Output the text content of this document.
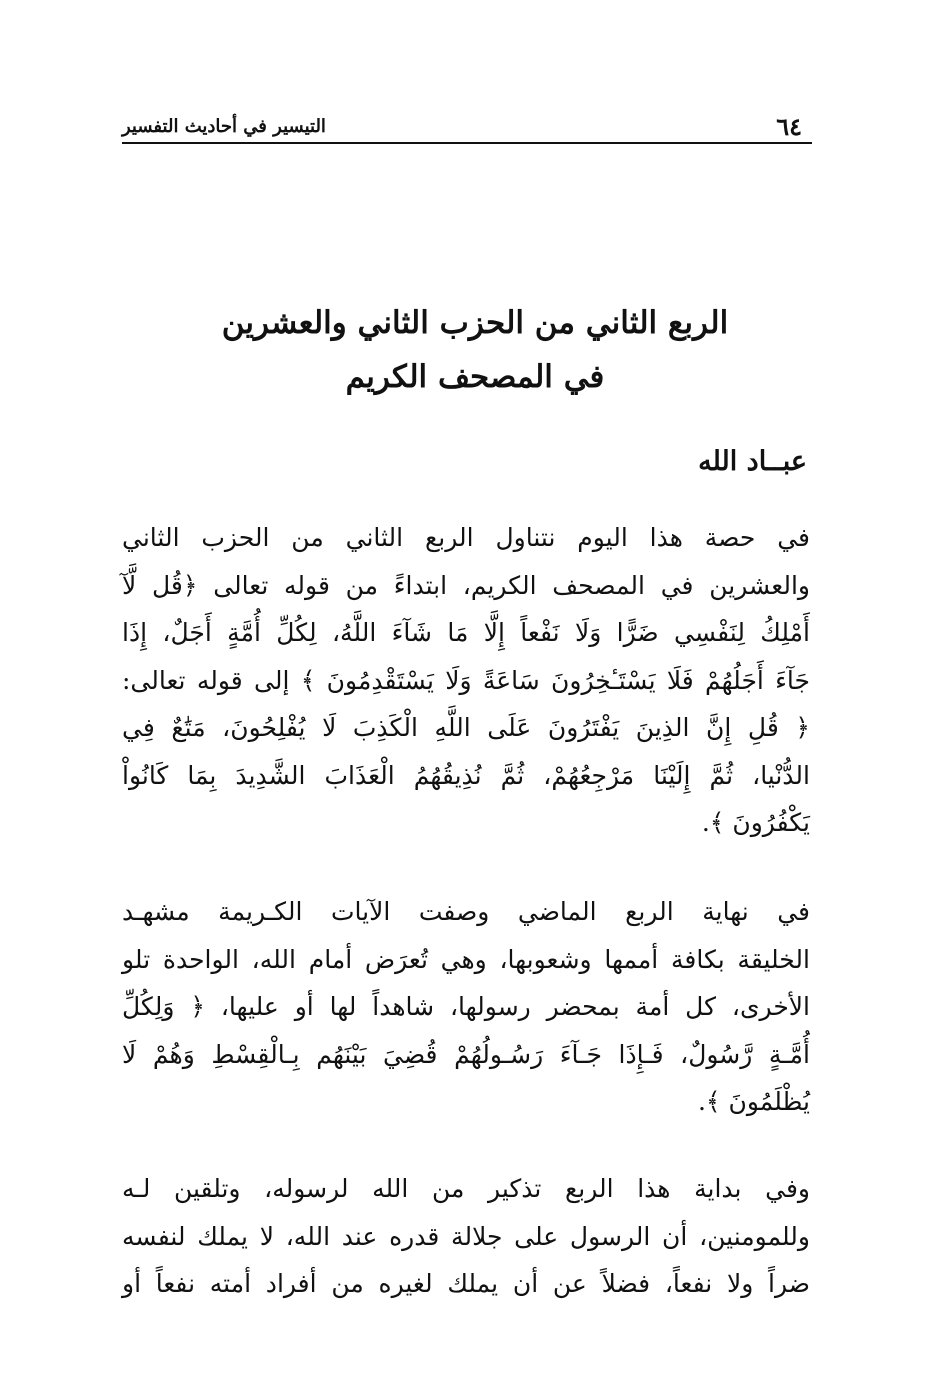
٦٤
التيسير في أحاديث التفسير
الربع الثاني من الحزب الثاني والعشرين
في المصحف الكريم
عبــاد الله
في حصة هذا اليوم نتناول الربع الثاني من الحزب الثاني
والعشرين في المصحف الكريم، ابتداءً من قوله تعالى ﴿قُل لَّآ
أَمْلِكُ لِنَفْسِي ضَرًّا وَلَا نَفْعاً إِلَّا مَا شَآءَ اللَّهُ، لِكُلِّ أُمَّةٍ أَجَلٌ، إِذَا
جَآءَ أَجَلُهُمْ فَلَا يَسْتَـٔخِرُونَ سَاعَةً وَلَا يَسْتَقْدِمُونَ ﴾ إلى قوله تعالى:
﴿ قُلِ إِنَّ الذِينَ يَفْتَرُونَ عَلَى اللَّهِ الْكَذِبَ لَا يُفْلِحُونَ، مَتَٰعٌ فِي
الدُّنْيا، ثُمَّ إِلَيْنَا مَرْجِعُهُمْ، ثُمَّ نُذِيقُهُمُ الْعَذَابَ الشَّدِيدَ بِمَا كَانُواْ
يَكْفُرُونَ ﴾.
في نهاية الربع الماضي وصفت الآيات الكـريمة مشهـد
الخليقة بكافة أممها وشعوبها، وهي تُعرَض أمام الله، الواحدة تلو
الأخرى، كل أمة بمحضر رسولها، شاهداً لها أو عليها، ﴿ وَلِكُلِّ
أُمَّـةٍ رَّسُولٌ، فَـإِذَا جَـآءَ رَسُـولُهُمْ قُضِيَ بَيْنَهُم بِـالْقِسْطِ وَهُمْ لَا
يُظْلَمُونَ ﴾.
وفي بداية هذا الربع تذكير من الله لرسوله، وتلقين لـه
وللمومنين، أن الرسول على جلالة قدره عند الله، لا يملك لنفسه
ضراً ولا نفعاً، فضلاً عن أن يملك لغيره من أفراد أمته نفعاً أو
